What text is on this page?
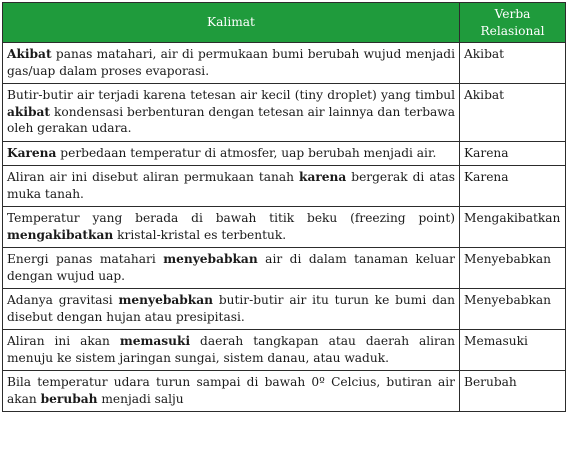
Kalimat	Verba
Relasional
Akibat panas matahari, air di permukaan bumi berubah wujud menjadi gas/uap dalam proses evaporasi.	Akibat
Butir-butir air terjadi karena tetesan air kecil (tiny droplet) yang timbul akibat kondensasi berbenturan dengan tetesan air lainnya dan terbawa oleh gerakan udara.	Akibat
Karena perbedaan temperatur di atmosfer, uap berubah menjadi air.	Karena
Aliran air ini disebut aliran permukaan tanah karena bergerak di atas muka tanah.	Karena
Temperatur yang berada di bawah titik beku (freezing point) mengakibatkan kristal-kristal es terbentuk.	Mengakibatkan
Energi panas matahari menyebabkan air di dalam tanaman keluar dengan wujud uap.	Menyebabkan
Adanya gravitasi menyebabkan butir-butir air itu turun ke bumi dan disebut dengan hujan atau presipitasi.	Menyebabkan
Aliran ini akan memasuki daerah tangkapan atau daerah aliran menuju ke sistem jaringan sungai, sistem danau, atau waduk.	Memasuki
Bila temperatur udara turun sampai di bawah 0º Celcius, butiran air akan berubah menjadi salju	Berubah
